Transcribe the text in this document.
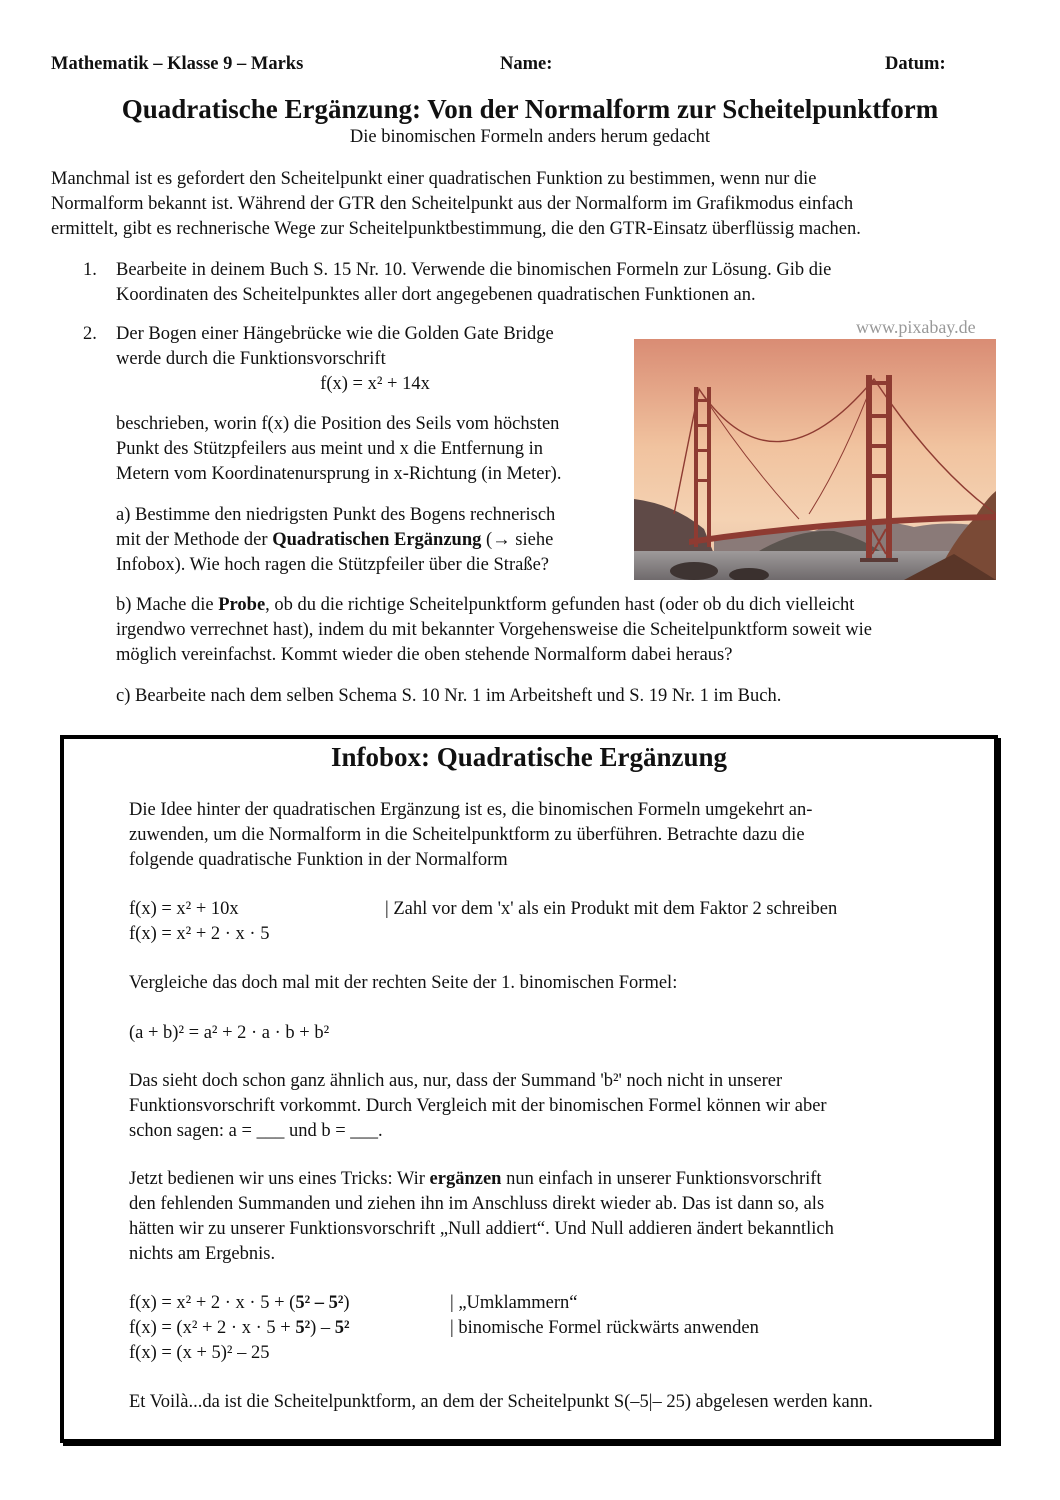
Mathematik – Klasse 9 – Marks	Name:	Datum:
Quadratische Ergänzung: Von der Normalform zur Scheitelpunktform
Die binomischen Formeln anders herum gedacht
Manchmal ist es gefordert den Scheitelpunkt einer quadratischen Funktion zu bestimmen, wenn nur die
Normalform bekannt ist. Während der GTR den Scheitelpunkt aus der Normalform im Grafikmodus einfach
ermittelt, gibt es rechnerische Wege zur Scheitelpunktbestimmung, die den GTR-Einsatz überflüssig machen.
1. Bearbeite in deinem Buch S. 15 Nr. 10. Verwende die binomischen Formeln zur Lösung. Gib die
Koordinaten des Scheitelpunktes aller dort angegebenen quadratischen Funktionen an.
2. Der Bogen einer Hängebrücke wie die Golden Gate Bridge
werde durch die Funktionsvorschrift
f(x) = x² + 14x
beschrieben, worin f(x) die Position des Seils vom höchsten
Punkt des Stützpfeilers aus meint und x die Entfernung in
Metern vom Koordinatenursprung in x-Richtung (in Meter).
a) Bestimme den niedrigsten Punkt des Bogens rechnerisch
mit der Methode der Quadratischen Ergänzung (→ siehe
Infobox). Wie hoch ragen die Stützpfeiler über die Straße?
www.pixabay.de
b) Mache die Probe, ob du die richtige Scheitelpunktform gefunden hast (oder ob du dich vielleicht
irgendwo verrechnet hast), indem du mit bekannter Vorgehensweise die Scheitelpunktform soweit wie
möglich vereinfachst. Kommt wieder die oben stehende Normalform dabei heraus?
c) Bearbeite nach dem selben Schema S. 10 Nr. 1 im Arbeitsheft und S. 19 Nr. 1 im Buch.
Infobox: Quadratische Ergänzung
Die Idee hinter der quadratischen Ergänzung ist es, die binomischen Formeln umgekehrt an-
zuwenden, um die Normalform in die Scheitelpunktform zu überführen. Betrachte dazu die
folgende quadratische Funktion in der Normalform
f(x) = x² + 10x	| Zahl vor dem 'x' als ein Produkt mit dem Faktor 2 schreiben
f(x) = x² + 2 · x · 5
Vergleiche das doch mal mit der rechten Seite der 1. binomischen Formel:
(a + b)² = a² + 2 · a · b + b²
Das sieht doch schon ganz ähnlich aus, nur, dass der Summand 'b²' noch nicht in unserer
Funktionsvorschrift vorkommt. Durch Vergleich mit der binomischen Formel können wir aber
schon sagen: a = ___ und b = ___.
Jetzt bedienen wir uns eines Tricks: Wir ergänzen nun einfach in unserer Funktionsvorschrift
den fehlenden Summanden und ziehen ihn im Anschluss direkt wieder ab. Das ist dann so, als
hätten wir zu unserer Funktionsvorschrift „Null addiert“. Und Null addieren ändert bekanntlich
nichts am Ergebnis.
f(x) = x² + 2 · x · 5 + (5² – 5²)	| „Umklammern“
f(x) = (x² + 2 · x · 5 + 5²) – 5²	| binomische Formel rückwärts anwenden
f(x) = (x + 5)² – 25
Et Voilà...da ist die Scheitelpunktform, an dem der Scheitelpunkt S(–5|– 25) abgelesen werden kann.
